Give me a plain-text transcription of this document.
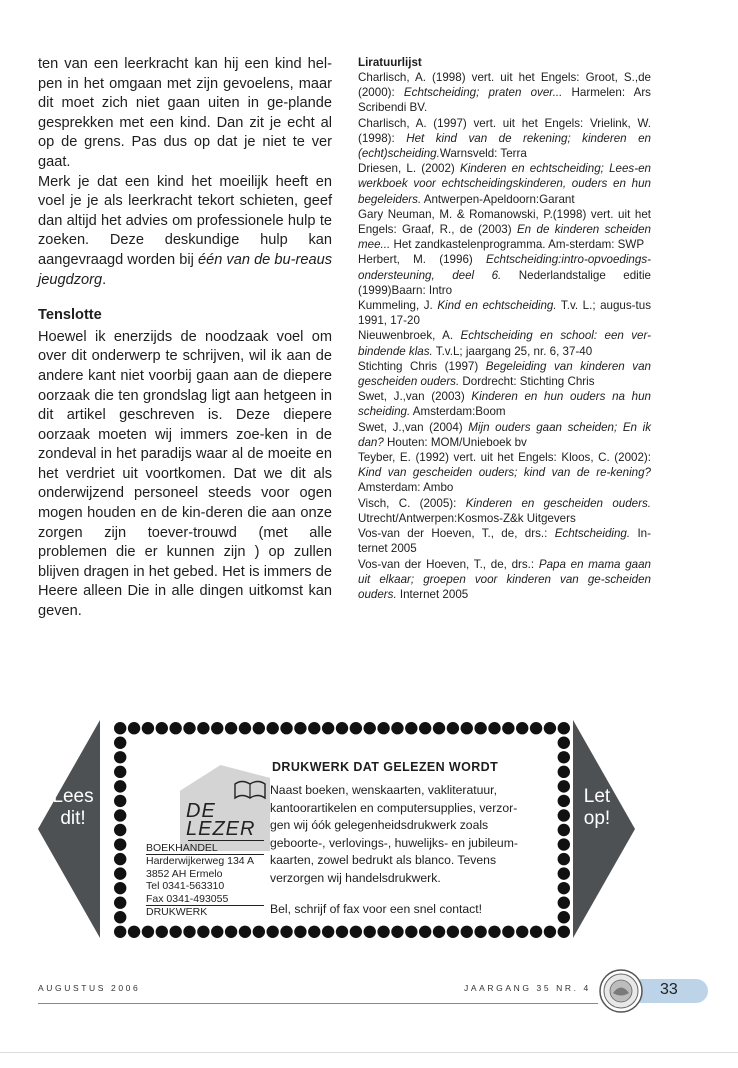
ten van een leerkracht kan hij een kind hel-pen in het omgaan met zijn gevoelens, maar dit moet zich niet gaan uiten in ge-plande gesprekken met een kind. Dan zit je echt al op de grens. Pas dus op dat je niet te ver gaat.

Merk je dat een kind het moeilijk heeft en voel je je als leerkracht tekort schieten, geef dan altijd het advies om professionele hulp te zoeken. Deze deskundige hulp kan aangevraagd worden bij één van de bu-reaus jeugdzorg.

Tenslotte

Hoewel ik enerzijds de noodzaak voel om over dit onderwerp te schrijven, wil ik aan de andere kant niet voorbij gaan aan de diepere oorzaak die ten grondslag ligt aan hetgeen in dit artikel geschreven is. Deze diepere oorzaak moeten wij immers zoe-ken in de zondeval in het paradijs waar al de moeite en het verdriet uit voortkomen. Dat we dit als onderwijzend personeel steeds voor ogen mogen houden en de kin-deren die aan onze zorgen zijn toever-trouwd (met alle problemen die er kunnen zijn ) op zullen blijven dragen in het gebed. Het is immers de Heere alleen Die in alle dingen uitkomst kan geven.

Liratuurlijst

Charlisch, A. (1998) vert. uit het Engels: Groot, S.,de (2000): Echtscheiding; praten over... Harmelen: Ars Scribendi BV.

Charlisch, A. (1997) vert. uit het Engels: Vrielink, W. (1998): Het kind van de rekening; kinderen en (echt)scheiding.Warnsveld: Terra

Driesen, L. (2002) Kinderen en echtscheiding; Lees-en werkboek voor echtscheidingskinderen, ouders en hun begeleiders. Antwerpen-Apeldoorn:Garant

Gary Neuman, M. & Romanowski, P.(1998) vert. uit het Engels: Graaf, R., de (2003) En de kinderen scheiden mee... Het zandkastelenprogramma. Am-sterdam: SWP

Herbert, M. (1996) Echtscheiding:intro-opvoedings-ondersteuning, deel 6. Nederlandstalige editie (1999)Baarn: Intro

Kummeling, J. Kind en echtscheiding. T.v. L.; augus-tus 1991, 17-20

Nieuwenbroek, A. Echtscheiding en school: een ver-bindende klas. T.v.L; jaargang 25, nr. 6, 37-40

Stichting Chris (1997) Begeleiding van kinderen van gescheiden ouders. Dordrecht: Stichting Chris

Swet, J.,van (2003) Kinderen en hun ouders na hun scheiding. Amsterdam:Boom

Swet, J.,van (2004) Mijn ouders gaan scheiden; En ik dan? Houten: MOM/Unieboek bv

Teyber, E. (1992) vert. uit het Engels: Kloos, C. (2002): Kind van gescheiden ouders; kind van de re-kening? Amsterdam: Ambo

Visch, C. (2005): Kinderen en gescheiden ouders. Utrecht/Antwerpen:Kosmos-Z&k Uitgevers

Vos-van der Hoeven, T., de, drs.: Echtscheiding. In-ternet 2005

Vos-van der Hoeven, T., de, drs.: Papa en mama gaan uit elkaar; groepen voor kinderen van ge-scheiden ouders. Internet 2005

Lees
dit!	DE
LEZER
BOEKHANDEL
Harderwijkerweg 134 A
3852 AH Ermelo
Tel 0341-563310
Fax 0341-493055
DRUKWERK
DRUKWERK DAT GELEZEN WORDT
Naast boeken, wenskaarten, vakliteratuur,
kantoorartikelen en computersupplies, verzor-
gen wij óók gelegenheidsdrukwerk zoals
geboorte-, verlovings-, huwelijks- en jubileum-
kaarten, zowel bedrukt als blanco. Tevens
verzorgen wij handelsdrukwerk.
Bel, schrijf of fax voor een snel contact!
Let
op!
AUGUSTUS 2006	JAARGANG 35 NR. 4	33
